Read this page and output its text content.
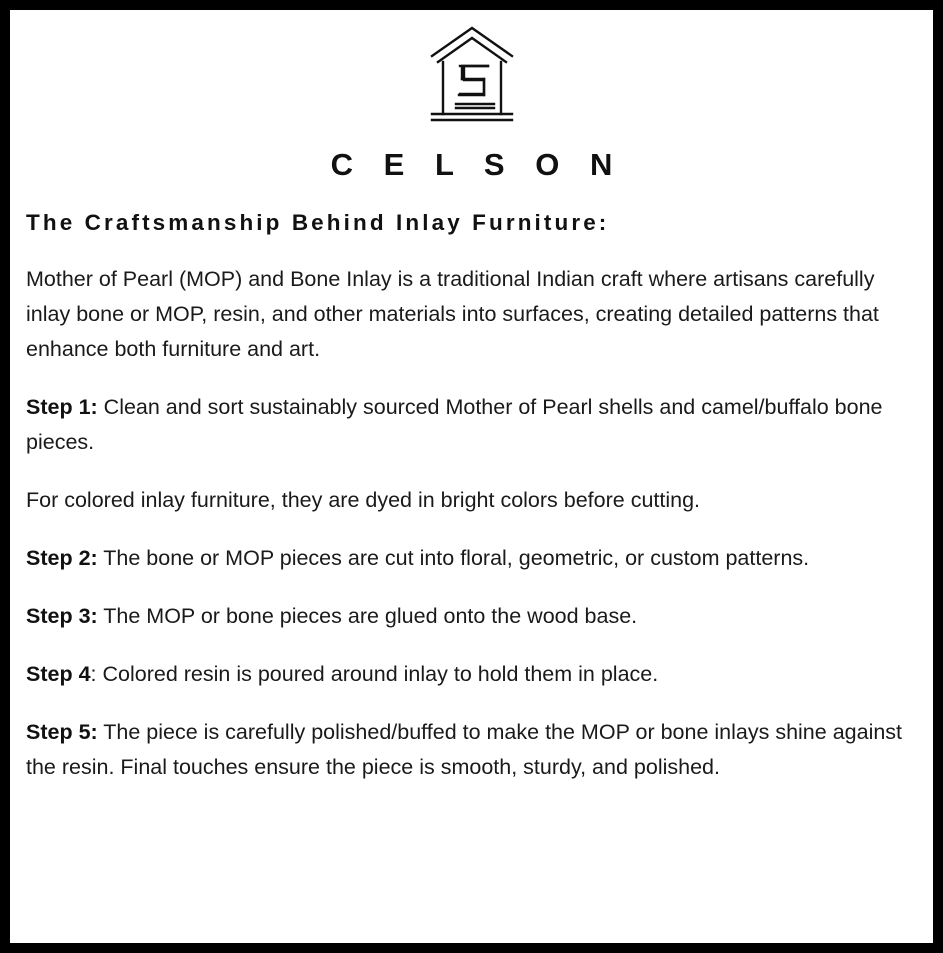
C E L S O N
The Craftsmanship Behind Inlay Furniture:

Mother of Pearl (MOP) and Bone Inlay is a traditional Indian craft where artisans carefully inlay bone or MOP, resin, and other materials into surfaces, creating detailed patterns that enhance both furniture and art.

Step 1: Clean and sort sustainably sourced Mother of Pearl shells and camel/buffalo bone pieces.

For colored inlay furniture, they are dyed in bright colors before cutting.

Step 2: The bone or MOP pieces are cut into floral, geometric, or custom patterns.

Step 3: The MOP or bone pieces are glued onto the wood base.

Step 4: Colored resin is poured around inlay to hold them in place.

Step 5: The piece is carefully polished/buffed to make the MOP or bone inlays shine against the resin. Final touches ensure the piece is smooth, sturdy, and polished.
